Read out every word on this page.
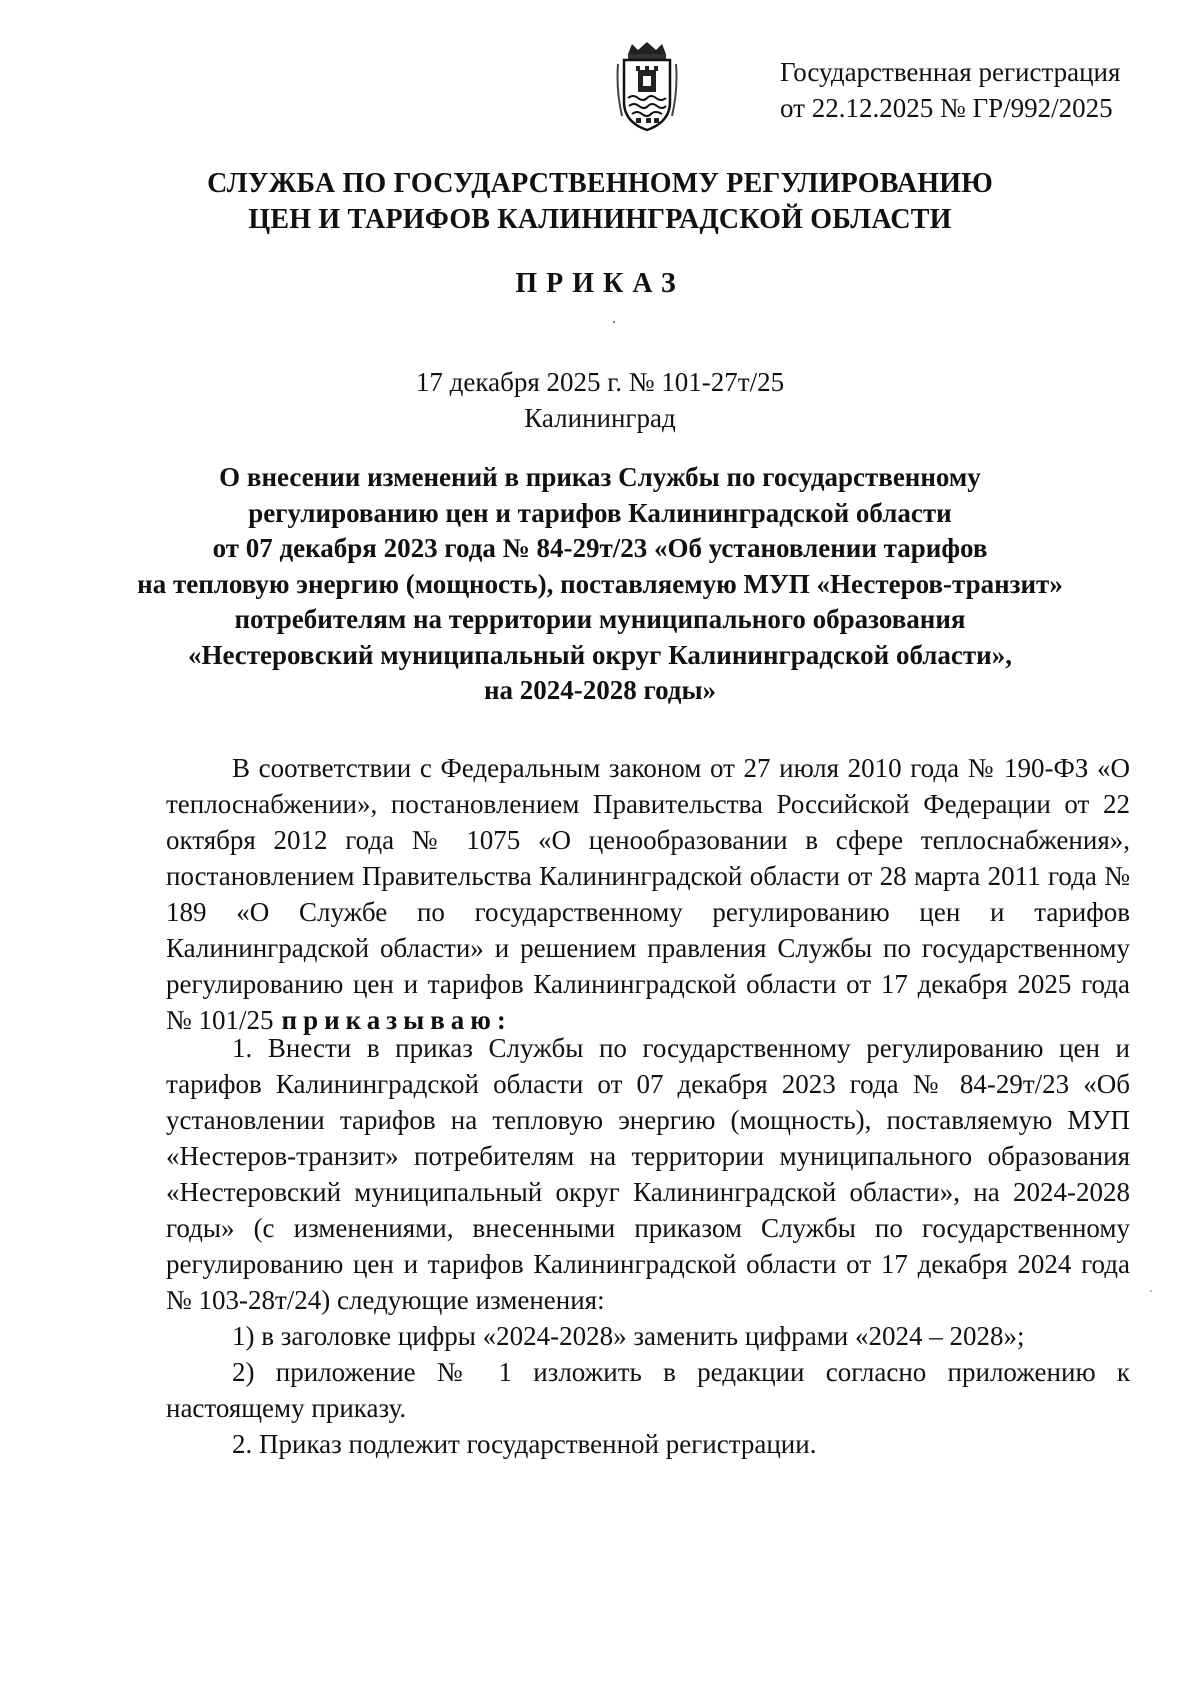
Государственная регистрация
от 22.12.2025 № ГР/992/2025
СЛУЖБА ПО ГОСУДАРСТВЕННОМУ РЕГУЛИРОВАНИЮ
ЦЕН И ТАРИФОВ КАЛИНИНГРАДСКОЙ ОБЛАСТИ
ПРИКАЗ
17 декабря 2025 г. № 101-27т/25
Калининград
О внесении изменений в приказ Службы по государственному
регулированию цен и тарифов Калининградской области
от 07 декабря 2023 года № 84-29т/23 «Об установлении тарифов
на тепловую энергию (мощность), поставляемую МУП «Нестеров-транзит»
потребителям на территории муниципального образования
«Нестеровский муниципальный округ Калининградской области»,
на 2024-2028 годы»

В соответствии с Федеральным законом от 27 июля 2010 года № 190-ФЗ «О теплоснабжении», постановлением Правительства Российской Федерации от 22 октября 2012 года № 1075 «О ценообразовании в сфере теплоснабжения», постановлением Правительства Калининградской области от 28 марта 2011 года № 189 «О Службе по государственному регулированию цен и тарифов Калининградской области» и решением правления Службы по государственному регулированию цен и тарифов Калининградской области от 17 декабря 2025 года № 101/25 приказываю:

1. Внести в приказ Службы по государственному регулированию цен и тарифов Калининградской области от 07 декабря 2023 года № 84-29т/23 «Об установлении тарифов на тепловую энергию (мощность), поставляемую МУП «Нестеров-транзит» потребителям на территории муниципального образования «Нестеровский муниципальный округ Калининградской области», на 2024-2028 годы» (с изменениями, внесенными приказом Службы по государственному регулированию цен и тарифов Калининградской области от 17 декабря 2024 года № 103-28т/24) следующие изменения:

1) в заголовке цифры «2024-2028» заменить цифрами «2024 – 2028»;

2) приложение № 1 изложить в редакции согласно приложению к настоящему приказу.

2. Приказ подлежит государственной регистрации.
